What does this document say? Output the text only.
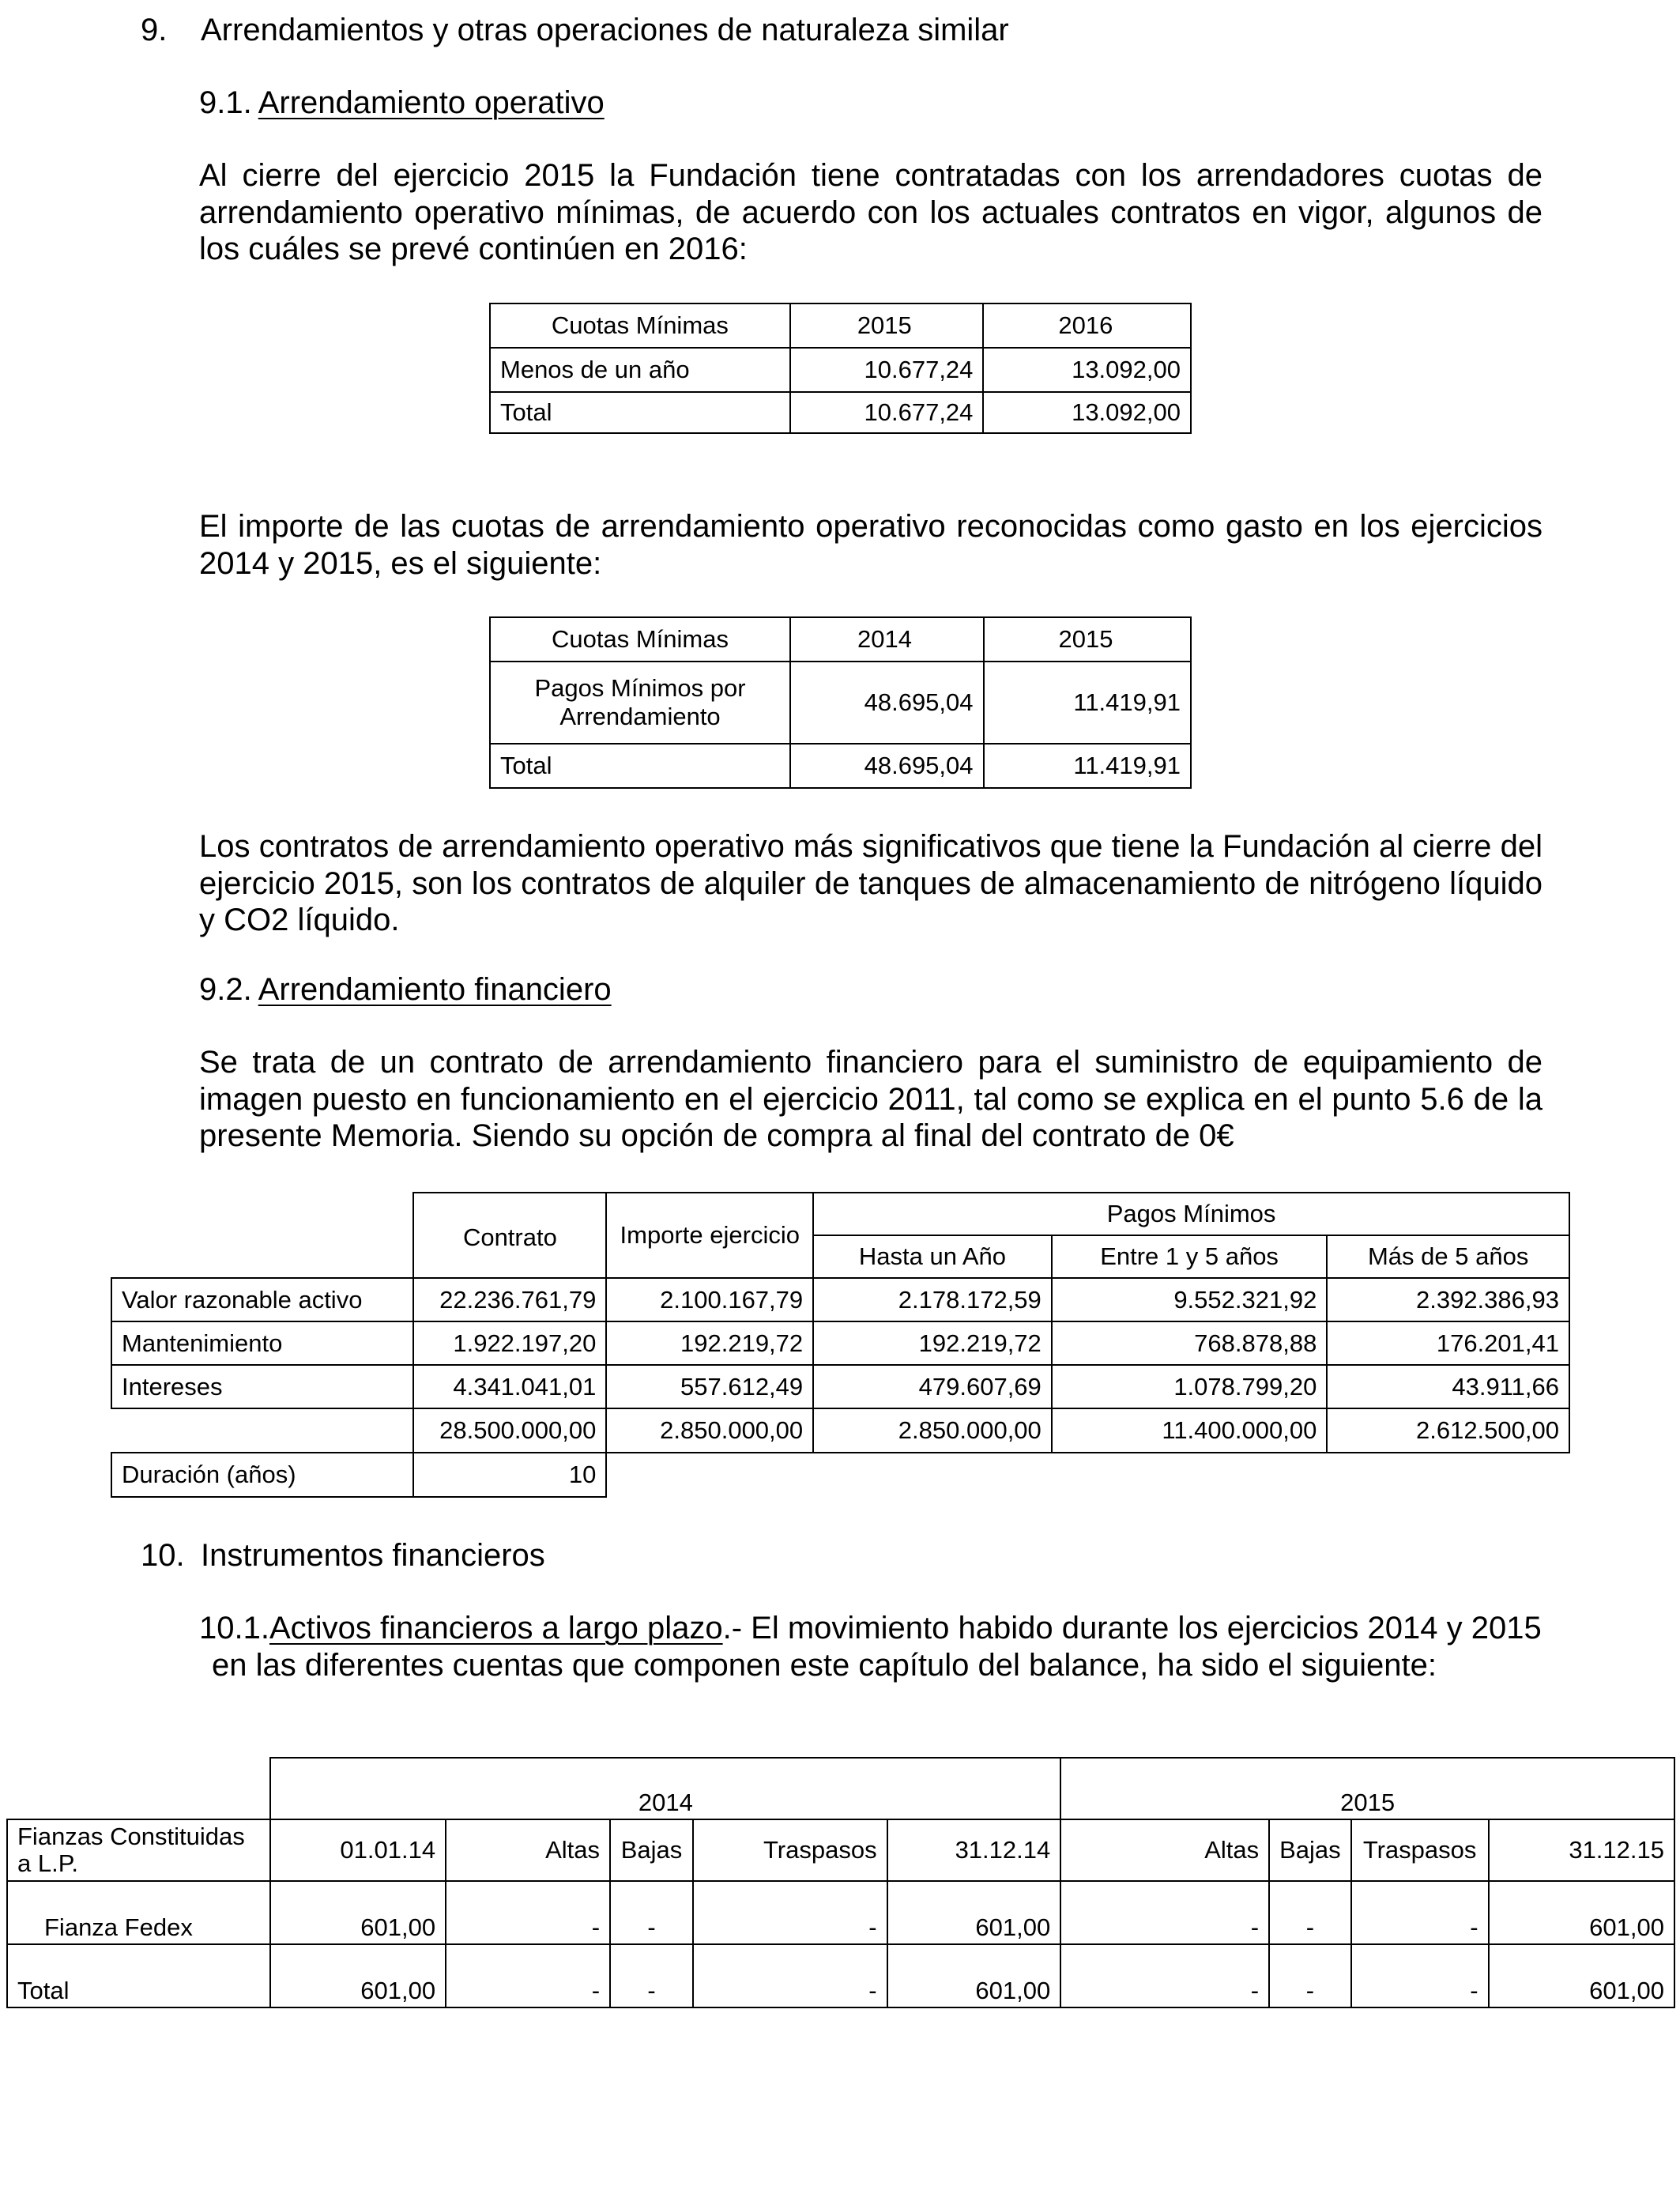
9. Arrendamientos y otras operaciones de naturaleza similar
9.1. Arrendamiento operativo
Al cierre del ejercicio 2015 la Fundación tiene contratadas con los arrendadores cuotas de arrendamiento operativo mínimas, de acuerdo con los actuales contratos en vigor, algunos de los cuáles se prevé continúen en 2016:
Cuotas Mínimas	2015	2016
Menos de un año	10.677,24	13.092,00
Total	10.677,24	13.092,00
El importe de las cuotas de arrendamiento operativo reconocidas como gasto en los ejercicios 2014 y 2015, es el siguiente:
Cuotas Mínimas	2014	2015
Pagos Mínimos por Arrendamiento	48.695,04	11.419,91
Total	48.695,04	11.419,91
Los contratos de arrendamiento operativo más significativos que tiene la Fundación al cierre del ejercicio 2015, son los contratos de alquiler de tanques de almacenamiento de nitrógeno líquido y CO2 líquido.
9.2. Arrendamiento financiero
Se trata de un contrato de arrendamiento financiero para el suministro de equipamiento de imagen puesto en funcionamiento en el ejercicio 2011, tal como se explica en el punto 5.6 de la presente Memoria. Siendo su opción de compra al final del contrato de 0€
	Contrato	Importe ejercicio	Pagos Mínimos		
			Hasta un Año	Entre 1 y 5 años	Más de 5 años
Valor razonable activo	22.236.761,79	2.100.167,79	2.178.172,59	9.552.321,92	2.392.386,93
Mantenimiento	1.922.197,20	192.219,72	192.219,72	768.878,88	176.201,41
Intereses	4.341.041,01	557.612,49	479.607,69	1.078.799,20	43.911,66
	28.500.000,00	2.850.000,00	2.850.000,00	11.400.000,00	2.612.500,00
Duración (años)	10				
10. Instrumentos financieros
10.1.Activos financieros a largo plazo.- El movimiento habido durante los ejercicios 2014 y 2015
en las diferentes cuentas que componen este capítulo del balance, ha sido el siguiente:
	2014					2015			
Fianzas Constituidas a L.P.	01.01.14	Altas	Bajas	Traspasos	31.12.14	Altas	Bajas	Traspasos	31.12.15
Fianza Fedex	601,00	-	-	-	601,00	-	-	-	601,00
Total	601,00	-	-	-	601,00	-	-	-	601,00
